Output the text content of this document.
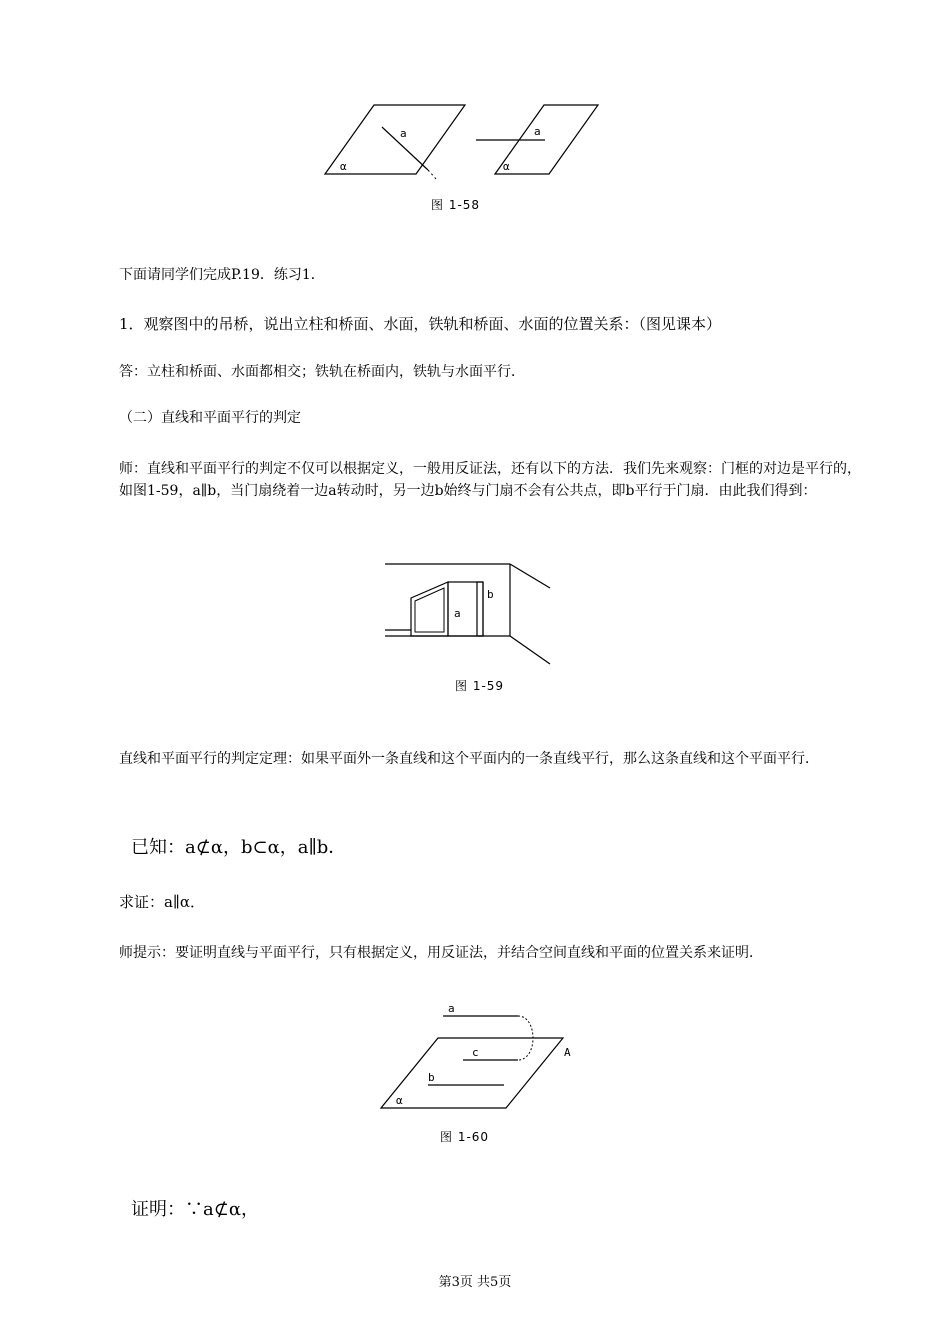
a
α
a
α
图 1-58
下面请同学们完成P.19．练习1．
1．观察图中的吊桥，说出立柱和桥面、水面，铁轨和桥面、水面的位置关系：（图见课本）
答：立柱和桥面、水面都相交；铁轨在桥面内，铁轨与水面平行．
（二）直线和平面平行的判定
师：直线和平面平行的判定不仅可以根据定义，一般用反证法，还有以下的方法．我们先来观察：门框的对边是平行的，如图1-59，a∥b，当门扇绕着一边a转动时，另一边b始终与门扇不会有公共点，即b平行于门扇．由此我们得到：
a
b
图 1-59
直线和平面平行的判定定理：如果平面外一条直线和这个平面内的一条直线平行，那么这条直线和这个平面平行．
已知：a⊄α，b⊂α，a∥b．
求证：a∥α．
师提示：要证明直线与平面平行，只有根据定义，用反证法，并结合空间直线和平面的位置关系来证明．
a
c
b
α
A
图 1-60
证明：∵a⊄α，
第3页 共5页
